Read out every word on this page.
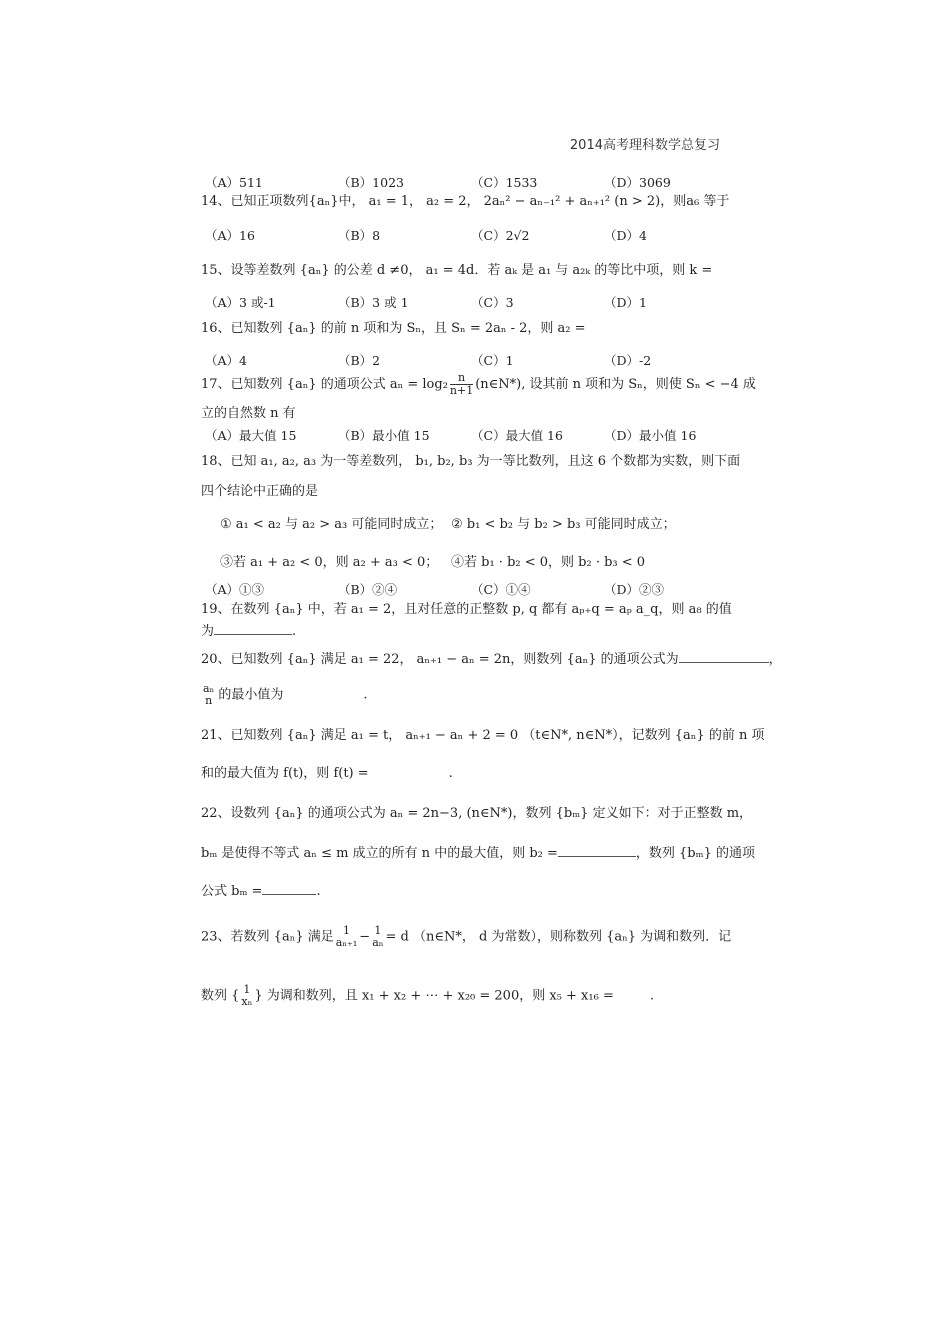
2014高考理科数学总复习
（A）511	（B）1023	（C）1533	（D）3069
14、已知正项数列{aₙ}中， a₁ = 1， a₂ = 2， 2aₙ² − aₙ₋₁² + aₙ₊₁² (n > 2)，则a₆ 等于
（A）16	（B）8	（C）2√2	（D）4
15、设等差数列 {aₙ} 的公差 d ≠0， a₁ = 4d．若 aₖ 是 a₁ 与 a₂ₖ 的等比中项，则 k =
（A）3 或-1	（B）3 或 1	（C）3	（D）1
16、已知数列 {aₙ} 的前 n 项和为 Sₙ，且 Sₙ = 2aₙ - 2，则 a₂ =
（A）4	（B）2	（C）1	（D）-2
17、已知数列 {aₙ} 的通项公式 $a_n = \log_2 \frac{n}{n+1}$ (n∈N*), 设其前 n 项和为 Sₙ，则使 Sₙ < −4 成
立的自然数 n 有
（A）最大值 15	（B）最小值 15	（C）最大值 16	（D）最小值 16
18、已知 a₁, a₂, a₃ 为一等差数列， b₁, b₂, b₃ 为一等比数列，且这 6 个数都为实数，则下面
四个结论中正确的是
① a₁ < a₂ 与 a₂ > a₃ 可能同时成立； ② b₁ < b₂ 与 b₂ > b₃ 可能同时成立；
③若 a₁ + a₂ < 0，则 a₂ + a₃ < 0； ④若 b₁ · b₂ < 0，则 b₂ · b₃ < 0
（A）①③	（B）②④	（C）①④	（D）②③
19、在数列 {aₙ} 中，若 a₁ = 2，且对任意的正整数 p, q 都有 aₚ₊q = aₚ a_q，则 a₈ 的值
为	.
20、已知数列 {aₙ} 满足 a₁ = 22， aₙ₊₁ − aₙ = 2n，则数列 {aₙ} 的通项公式为	，
aₙ
n 的最小值为	.
21、已知数列 {aₙ} 满足 a₁ = t， aₙ₊₁ − aₙ + 2 = 0 （t∈N*, n∈N*），记数列 {aₙ} 的前 n 项
和的最大值为 f(t)，则 f(t) =	.
22、设数列 {aₙ} 的通项公式为 aₙ = 2n−3, (n∈N*)，数列 {bₘ} 定义如下：对于正整数 m，
bₘ 是使得不等式 aₙ ≤ m 成立的所有 n 中的最大值，则 b₂ =	，数列 {bₘ} 的通项
公式 bₘ =	.
23、若数列 {aₙ} 满足 1
aₙ₊₁ − 1
aₙ = d （n∈N*， d 为常数），则称数列 {aₙ} 为调和数列．记
数列 { 1
xₙ } 为调和数列，且 x₁ + x₂ + ⋯ + x₂₀ = 200，则 x₅ + x₁₆ =	.
